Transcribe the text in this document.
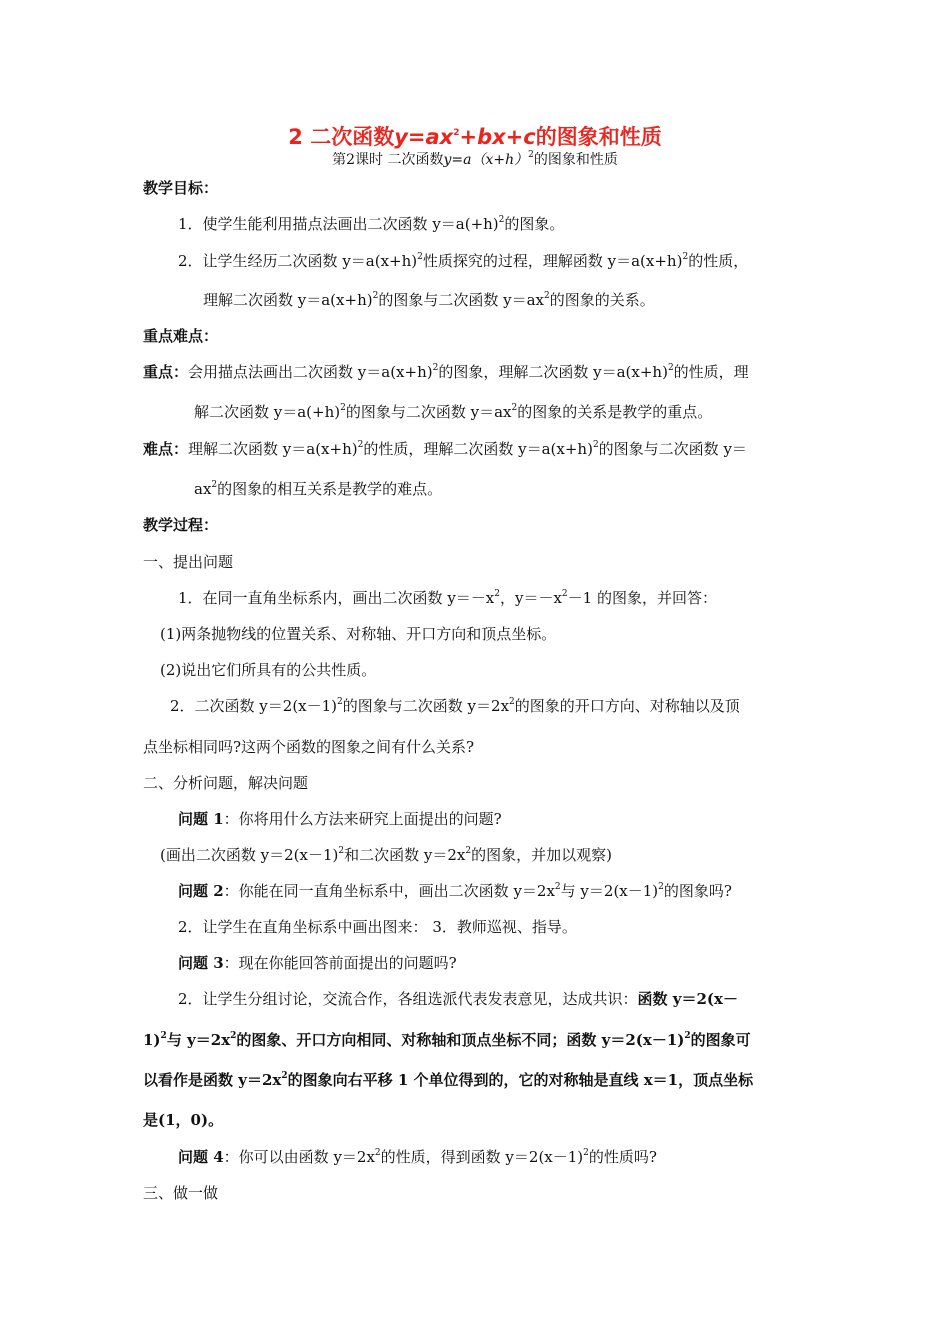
2 二次函数$y=ax^2+bx+c$的图象和性质
第2课时 二次函数$y=a(x+h)^2$的图象和性质
教学目标：
1．使学生能利用描点法画出二次函数 $y=a(+h)^2$的图象。
2．让学生经历二次函数 $y=a(x+h)^2$性质探究的过程，理解函数 $y=a(x+h)^2$的性质，
理解二次函数 $y=a(x+h)^2$的图象与二次函数 $y=ax^2$的图象的关系。
重点难点：
重点：会用描点法画出二次函数 $y=a(x+h)^2$的图象，理解二次函数 $y=a(x+h)^2$的性质，理
解二次函数 $y=a(+h)^2$的图象与二次函数 $y=ax^2$的图象的关系是教学的重点。
难点：理解二次函数 $y=a(x+h)^2$的性质，理解二次函数 $y=a(x+h)^2$的图象与二次函数 y＝
$ax^2$的图象的相互关系是教学的难点。
教学过程：
一、提出问题
1．在同一直角坐标系内，画出二次函数 $y=-x^2$，$y=-x^2-1$ 的图象，并回答：
(1)两条抛物线的位置关系、对称轴、开口方向和顶点坐标。
(2)说出它们所具有的公共性质。
2．二次函数 $y=2(x-1)^2$的图象与二次函数 $y=2x^2$的图象的开口方向、对称轴以及顶
点坐标相同吗?这两个函数的图象之间有什么关系?
二、分析问题，解决问题
问题 1：你将用什么方法来研究上面提出的问题?
(画出二次函数 $y=2(x-1)^2$和二次函数 $y=2x^2$的图象，并加以观察)
问题 2：你能在同一直角坐标系中，画出二次函数 $y=2x^2$与 $y=2(x-1)^2$的图象吗?
2．让学生在直角坐标系中画出图来： 3．教师巡视、指导。
问题 3：现在你能回答前面提出的问题吗?
2．让学生分组讨论，交流合作，各组选派代表发表意见，达成共识：函数 y＝2(x－
1)$^2$与 $y=2x^2$的图象、开口方向相同、对称轴和顶点坐标不同；函数 $y=2(x-1)^2$的图象可
以看作是函数 $y=2x^2$的图象向右平移 1 个单位得到的，它的对称轴是直线 x＝1，顶点坐标
是(1，0)。
问题 4：你可以由函数 $y=2x^2$的性质，得到函数 $y=2(x-1)^2$的性质吗?
三、做一做
